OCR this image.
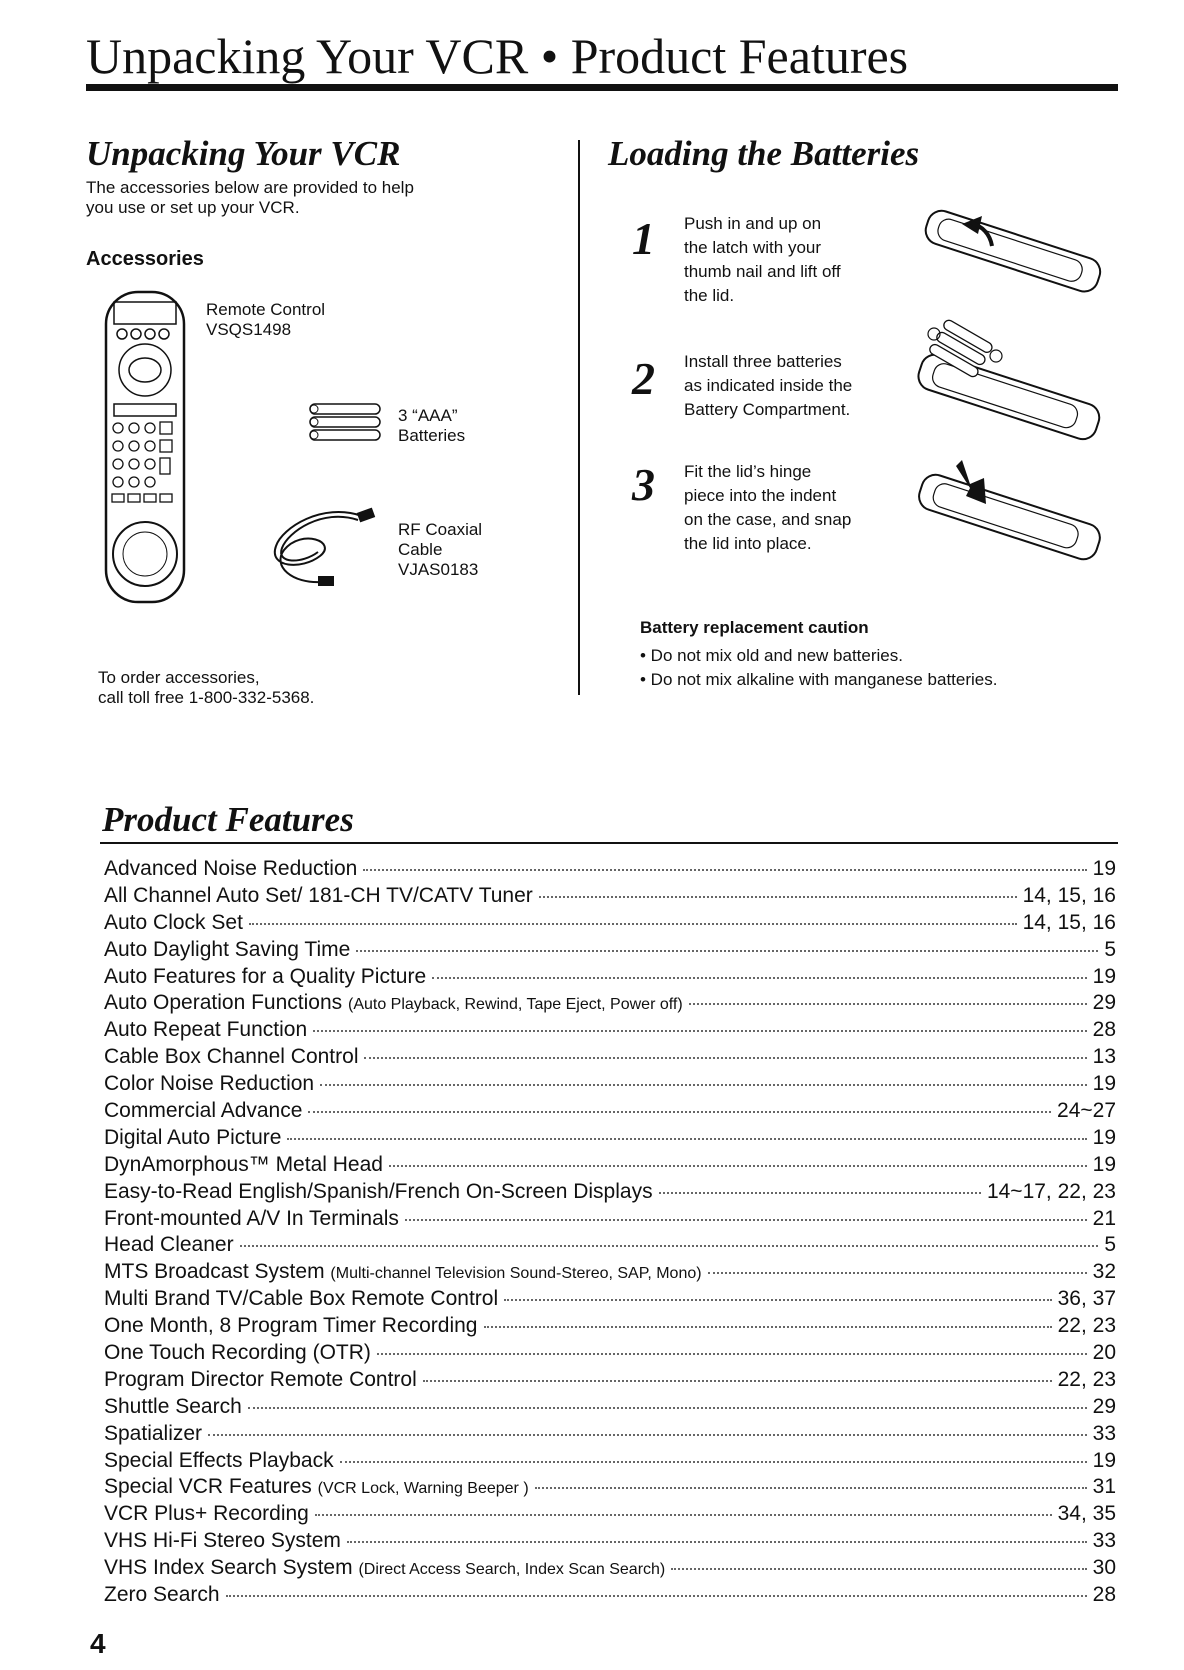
Unpacking Your VCR • Product Features
Unpacking Your VCR
The accessories below are provided to help
you use or set up your VCR.
Accessories
Remote Control
VSQS1498
3 “AAA”
Batteries
RF Coaxial
Cable
VJAS0183
To order accessories,
call toll free 1-800-332-5368.
Loading the Batteries
1 Push in and up on
the latch with your
thumb nail and lift off
the lid.
2 Install three batteries
as indicated inside the
Battery Compartment.
3 Fit the lid’s hinge
piece into the indent
on the case, and snap
the lid into place.
Battery replacement caution
• Do not mix old and new batteries.
• Do not mix alkaline with manganese batteries.
Product Features
Advanced Noise Reduction	19
All Channel Auto Set/ 181-CH TV/CATV Tuner	14, 15, 16
Auto Clock Set	14, 15, 16
Auto Daylight Saving Time	5
Auto Features for a Quality Picture	19
Auto Operation Functions (Auto Playback, Rewind, Tape Eject, Power off)	29
Auto Repeat Function	28
Cable Box Channel Control	13
Color Noise Reduction	19
Commercial Advance	24~27
Digital Auto Picture	19
DynAmorphous™ Metal Head	19
Easy-to-Read English/Spanish/French On-Screen Displays	14~17, 22, 23
Front-mounted A/V In Terminals	21
Head Cleaner	5
MTS Broadcast System (Multi-channel Television Sound-Stereo, SAP, Mono)	32
Multi Brand TV/Cable Box Remote Control	36, 37
One Month, 8 Program Timer Recording	22, 23
One Touch Recording (OTR)	20
Program Director Remote Control	22, 23
Shuttle Search	29
Spatializer	33
Special Effects Playback	19
Special VCR Features (VCR Lock, Warning Beeper )	31
VCR Plus+ Recording	34, 35
VHS Hi-Fi Stereo System	33
VHS Index Search System (Direct Access Search, Index Scan Search)	30
Zero Search	28
4
